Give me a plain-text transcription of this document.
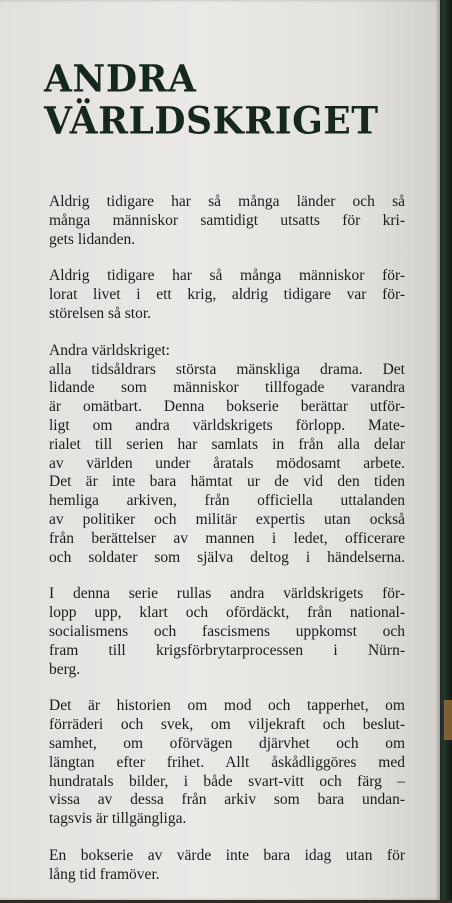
ANDRA
VÄRLDSKRIGET

Aldrig tidigare har så många länder och så
många människor samtidigt utsatts för kri-
gets lidanden.

Aldrig tidigare har så många människor för-
lorat livet i ett krig, aldrig tidigare var för-
störelsen så stor.

Andra världskriget:
alla tidsåldrars största mänskliga drama. Det
lidande som människor tillfogade varandra
är omätbart. Denna bokserie berättar utför-
ligt om andra världskrigets förlopp. Mate-
rialet till serien har samlats in från alla delar
av världen under åratals mödosamt arbete.
Det är inte bara hämtat ur de vid den tiden
hemliga arkiven, från officiella uttalanden
av politiker och militär expertis utan också
från berättelser av mannen i ledet, officerare
och soldater som själva deltog i händelserna.

I denna serie rullas andra världskrigets för-
lopp upp, klart och ofördäckt, från national-
socialismens och fascismens uppkomst och
fram till krigsförbrytarprocessen i Nürn-
berg.

Det är historien om mod och tapperhet, om
förräderi och svek, om viljekraft och beslut-
samhet, om oförvägen djärvhet och om
längtan efter frihet. Allt åskådliggöres med
hundratals bilder, i både svart-vitt och färg –
vissa av dessa från arkiv som bara undan-
tagsvis är tillgängliga.

En bokserie av värde inte bara idag utan för
lång tid framöver.
